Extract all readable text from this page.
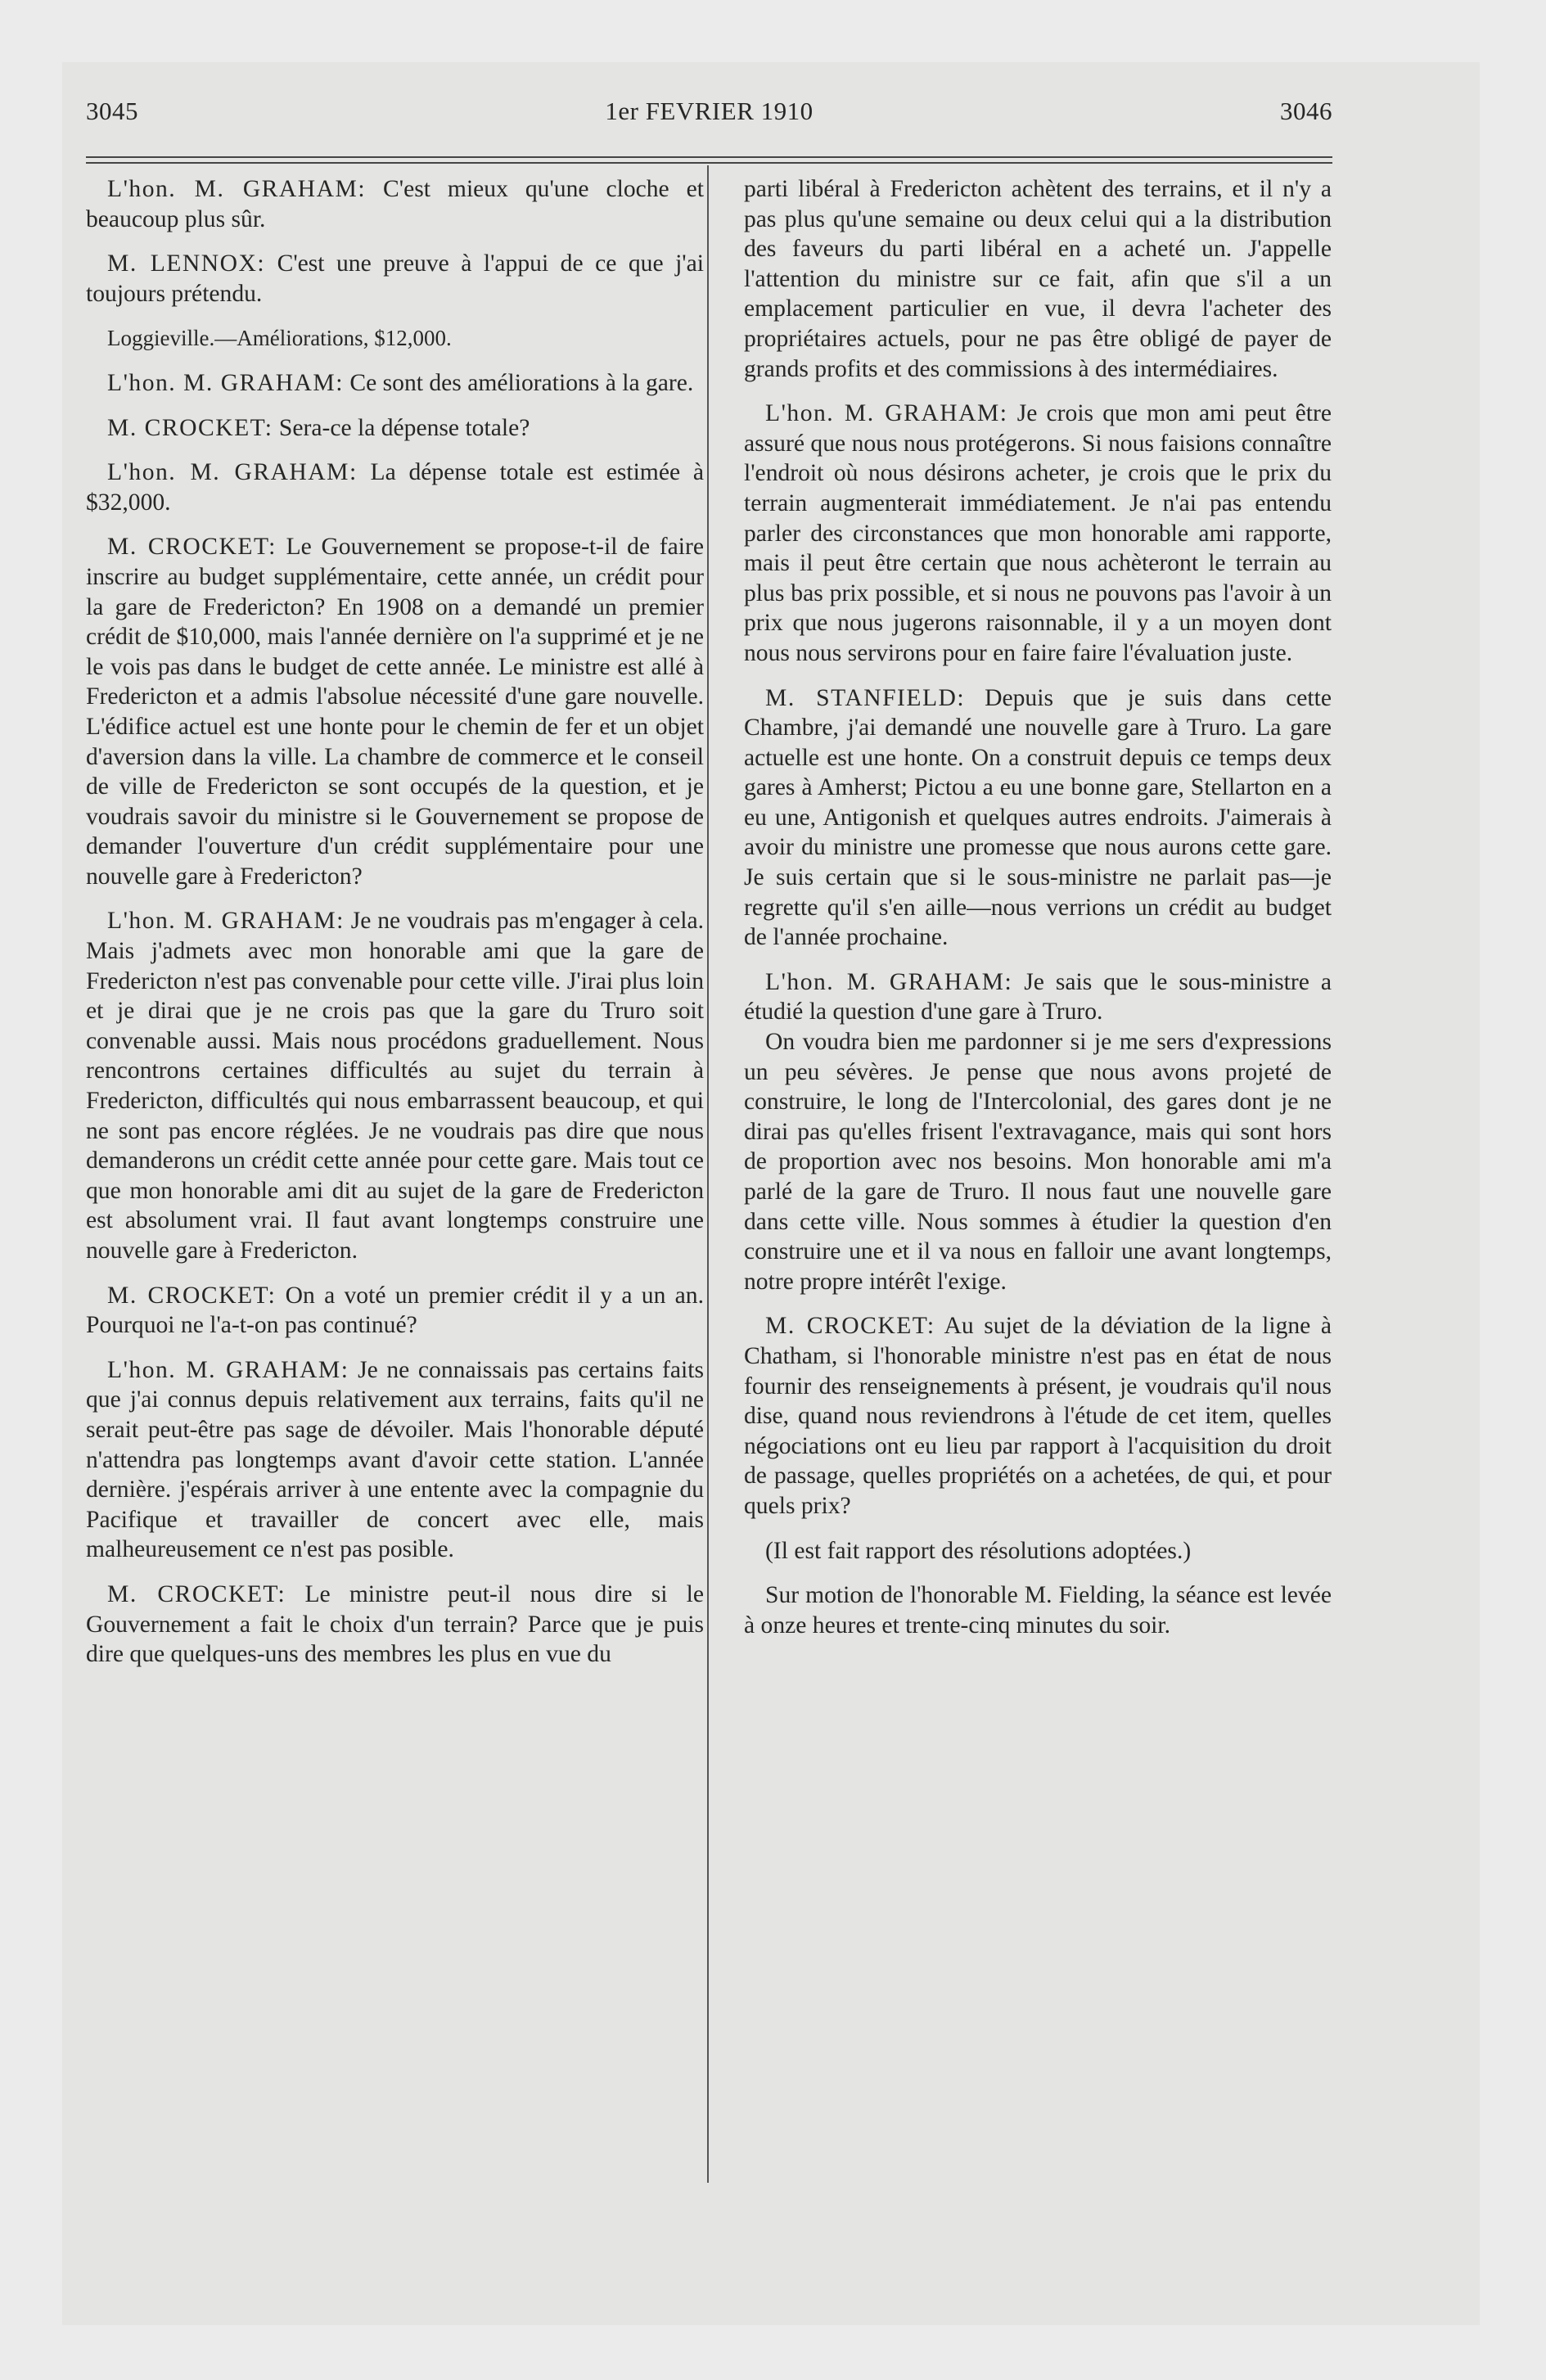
3045	1er FEVRIER 1910	3046

L'hon. M. GRAHAM: C'est mieux qu'une cloche et beaucoup plus sûr.

M. LENNOX: C'est une preuve à l'appui de ce que j'ai toujours prétendu.

Loggieville.—Améliorations, $12,000.

L'hon. M. GRAHAM: Ce sont des améliorations à la gare.

M. CROCKET: Sera-ce la dépense totale?

L'hon. M. GRAHAM: La dépense totale est estimée à $32,000.

M. CROCKET: Le Gouvernement se propose-t-il de faire inscrire au budget supplémentaire, cette année, un crédit pour la gare de Fredericton? En 1908 on a demandé un premier crédit de $10,000, mais l'année dernière on l'a supprimé et je ne le vois pas dans le budget de cette année. Le ministre est allé à Fredericton et a admis l'absolue nécessité d'une gare nouvelle. L'édifice actuel est une honte pour le chemin de fer et un objet d'aversion dans la ville. La chambre de commerce et le conseil de ville de Fredericton se sont occupés de la question, et je voudrais savoir du ministre si le Gouvernement se propose de demander l'ouverture d'un crédit supplémentaire pour une nouvelle gare à Fredericton?

L'hon. M. GRAHAM: Je ne voudrais pas m'engager à cela. Mais j'admets avec mon honorable ami que la gare de Fredericton n'est pas convenable pour cette ville. J'irai plus loin et je dirai que je ne crois pas que la gare du Truro soit convenable aussi. Mais nous procédons graduellement. Nous rencontrons certaines difficultés au sujet du terrain à Fredericton, difficultés qui nous embarrassent beaucoup, et qui ne sont pas encore réglées. Je ne voudrais pas dire que nous demanderons un crédit cette année pour cette gare. Mais tout ce que mon honorable ami dit au sujet de la gare de Fredericton est absolument vrai. Il faut avant longtemps construire une nouvelle gare à Fredericton.

M. CROCKET: On a voté un premier crédit il y a un an. Pourquoi ne l'a-t-on pas continué?

L'hon. M. GRAHAM: Je ne connaissais pas certains faits que j'ai connus depuis relativement aux terrains, faits qu'il ne serait peut-être pas sage de dévoiler. Mais l'honorable député n'attendra pas longtemps avant d'avoir cette station. L'année dernière. j'espérais arriver à une entente avec la compagnie du Pacifique et travailler de concert avec elle, mais malheureusement ce n'est pas posible.

M. CROCKET: Le ministre peut-il nous dire si le Gouvernement a fait le choix d'un terrain? Parce que je puis dire que quelques-uns des membres les plus en vue du

parti libéral à Fredericton achètent des terrains, et il n'y a pas plus qu'une semaine ou deux celui qui a la distribution des faveurs du parti libéral en a acheté un. J'appelle l'attention du ministre sur ce fait, afin que s'il a un emplacement particulier en vue, il devra l'acheter des propriétaires actuels, pour ne pas être obligé de payer de grands profits et des commissions à des intermédiaires.

L'hon. M. GRAHAM: Je crois que mon ami peut être assuré que nous nous protégerons. Si nous faisions connaître l'endroit où nous désirons acheter, je crois que le prix du terrain augmenterait immédiatement. Je n'ai pas entendu parler des circonstances que mon honorable ami rapporte, mais il peut être certain que nous achèteront le terrain au plus bas prix possible, et si nous ne pouvons pas l'avoir à un prix que nous jugerons raisonnable, il y a un moyen dont nous nous servirons pour en faire faire l'évaluation juste.

M. STANFIELD: Depuis que je suis dans cette Chambre, j'ai demandé une nouvelle gare à Truro. La gare actuelle est une honte. On a construit depuis ce temps deux gares à Amherst; Pictou a eu une bonne gare, Stellarton en a eu une, Antigonish et quelques autres endroits. J'aimerais à avoir du ministre une promesse que nous aurons cette gare. Je suis certain que si le sous-ministre ne parlait pas—je regrette qu'il s'en aille—nous verrions un crédit au budget de l'année prochaine.

L'hon. M. GRAHAM: Je sais que le sous-ministre a étudié la question d'une gare à Truro.

On voudra bien me pardonner si je me sers d'expressions un peu sévères. Je pense que nous avons projeté de construire, le long de l'Intercolonial, des gares dont je ne dirai pas qu'elles frisent l'extravagance, mais qui sont hors de proportion avec nos besoins. Mon honorable ami m'a parlé de la gare de Truro. Il nous faut une nouvelle gare dans cette ville. Nous sommes à étudier la question d'en construire une et il va nous en falloir une avant longtemps, notre propre intérêt l'exige.

M. CROCKET: Au sujet de la déviation de la ligne à Chatham, si l'honorable ministre n'est pas en état de nous fournir des renseignements à présent, je voudrais qu'il nous dise, quand nous reviendrons à l'étude de cet item, quelles négociations ont eu lieu par rapport à l'acquisition du droit de passage, quelles propriétés on a achetées, de qui, et pour quels prix?

(Il est fait rapport des résolutions adoptées.)

Sur motion de l'honorable M. Fielding, la séance est levée à onze heures et trente-cinq minutes du soir.
